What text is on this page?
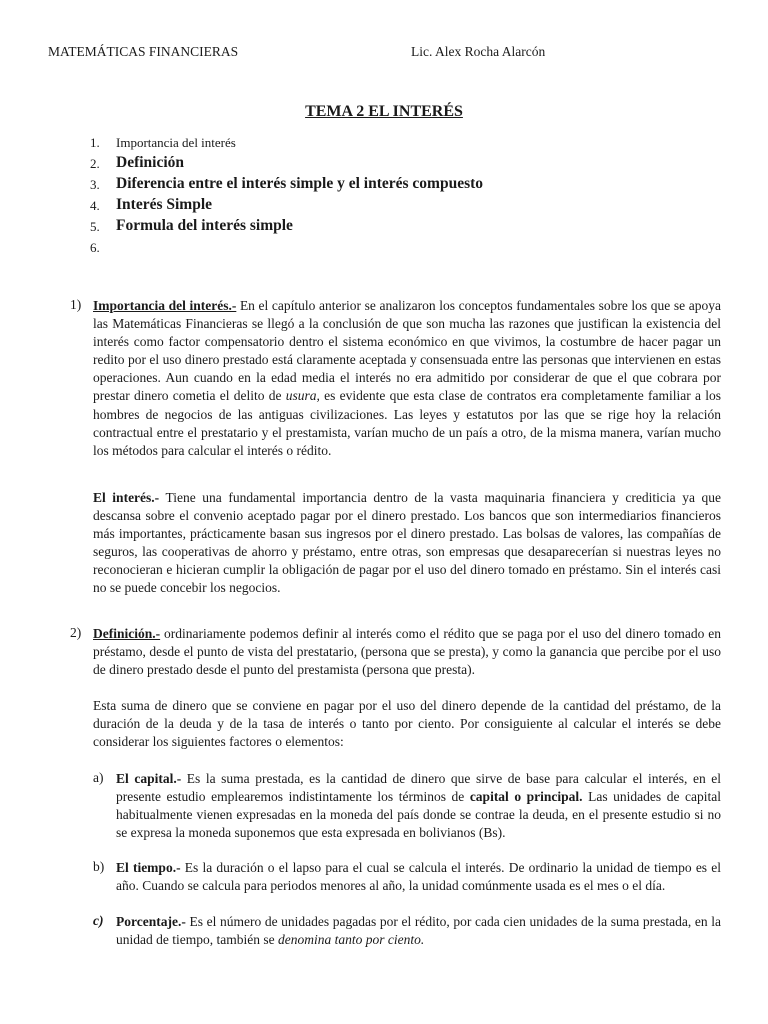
MATEMÁTICAS FINANCIERAS	Lic. Alex Rocha Alarcón
TEMA 2 EL INTERÉS
1.	Importancia del interés
2.	Definición
3.	Diferencia entre el interés simple y el interés compuesto
4.	Interés Simple
5.	Formula del interés simple
6.
1) Importancia del interés.- En el capítulo anterior se analizaron los conceptos fundamentales sobre los que se apoya las Matemáticas Financieras se llegó a la conclusión de que son mucha las razones que justifican la existencia del interés como factor compensatorio dentro el sistema económico en que vivimos, la costumbre de hacer pagar un redito por el uso dinero prestado está claramente aceptada y consensuada entre las personas que intervienen en estas operaciones. Aun cuando en la edad media el interés no era admitido por considerar de que el que cobrara por prestar dinero cometia el delito de usura, es evidente que esta clase de contratos era completamente familiar a los hombres de negocios de las antiguas civilizaciones. Las leyes y estatutos por las que se rige hoy la relación contractual entre el prestatario y el prestamista, varían mucho de un país a otro, de la misma manera, varían mucho los métodos para calcular el interés o rédito.
El interés.- Tiene una fundamental importancia dentro de la vasta maquinaria financiera y crediticia ya que descansa sobre el convenio aceptado pagar por el dinero prestado. Los bancos que son intermediarios financieros más importantes, prácticamente basan sus ingresos por el dinero prestado. Las bolsas de valores, las compañías de seguros, las cooperativas de ahorro y préstamo, entre otras, son empresas que desaparecerían si nuestras leyes no reconocieran e hicieran cumplir la obligación de pagar por el uso del dinero tomado en préstamo. Sin el interés casi no se puede concebir los negocios.
2) Definición.- ordinariamente podemos definir al interés como el rédito que se paga por el uso del dinero tomado en préstamo, desde el punto de vista del prestatario, (persona que se presta), y como la ganancia que percibe por el uso de dinero prestado desde el punto del prestamista (persona que presta).
Esta suma de dinero que se conviene en pagar por el uso del dinero depende de la cantidad del préstamo, de la duración de la deuda y de la tasa de interés o tanto por ciento. Por consiguiente al calcular el interés se debe considerar los siguientes factores o elementos:
a) El capital.- Es la suma prestada, es la cantidad de dinero que sirve de base para calcular el interés, en el presente estudio emplearemos indistintamente los términos de capital o principal. Las unidades de capital habitualmente vienen expresadas en la moneda del país donde se contrae la deuda, en el presente estudio si no se expresa la moneda suponemos que esta expresada en bolivianos (Bs).
b) El tiempo.- Es la duración o el lapso para el cual se calcula el interés. De ordinario la unidad de tiempo es el año. Cuando se calcula para periodos menores al año, la unidad comúnmente usada es el mes o el día.
c) Porcentaje.- Es el número de unidades pagadas por el rédito, por cada cien unidades de la suma prestada, en la unidad de tiempo, también se denomina tanto por ciento.
